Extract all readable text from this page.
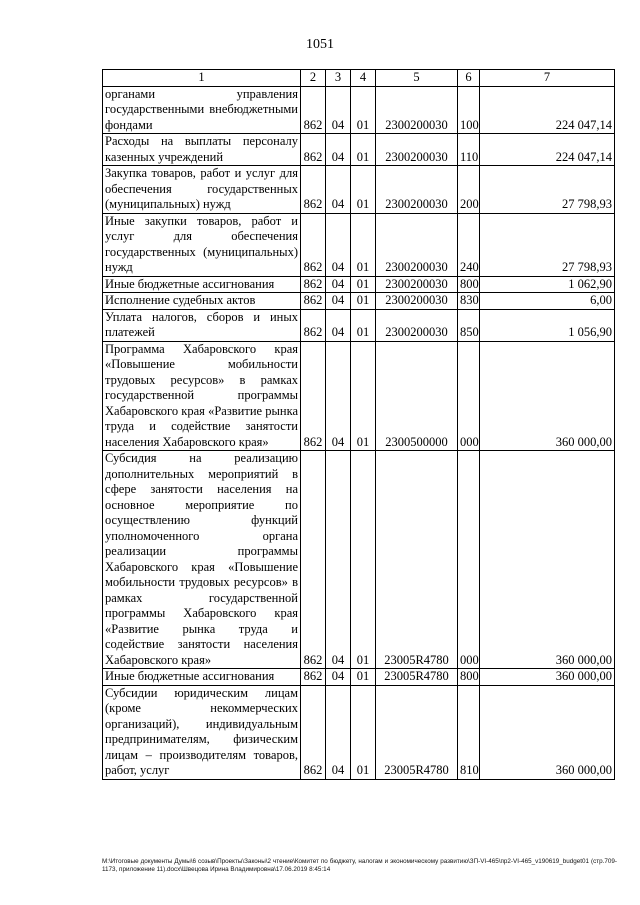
1051
1	2	3	4	5	6	7
органами управления государственными внебюджетными фондами	862	04	01	2300200030	100	224 047,14
Расходы на выплаты персоналу казенных учреждений	862	04	01	2300200030	110	224 047,14
Закупка товаров, работ и услуг для обеспечения государственных (муниципальных) нужд	862	04	01	2300200030	200	27 798,93
Иные закупки товаров, работ и услуг для обеспечения государственных (муниципальных) нужд	862	04	01	2300200030	240	27 798,93
Иные бюджетные ассигнования	862	04	01	2300200030	800	1 062,90
Исполнение судебных актов	862	04	01	2300200030	830	6,00
Уплата налогов, сборов и иных платежей	862	04	01	2300200030	850	1 056,90
Программа Хабаровского края «Повышение мобильности трудовых ресурсов» в рамках государственной программы Хабаровского края «Развитие рынка труда и содействие занятости населения Хабаровского края»	862	04	01	2300500000	000	360 000,00
Субсидия на реализацию дополнительных мероприятий в сфере занятости населения на основное мероприятие по осуществлению функций уполномоченного органа реализации программы Хабаровского края «Повышение мобильности трудовых ресурсов» в рамках государственной программы Хабаровского края «Развитие рынка труда и содействие занятости населения Хабаровского края»	862	04	01	23005R4780	000	360 000,00
Иные бюджетные ассигнования	862	04	01	23005R4780	800	360 000,00
Субсидии юридическим лицам (кроме некоммерческих организаций), индивидуальным предпринимателям, физическим лицам – производителям товаров, работ, услуг	862	04	01	23005R4780	810	360 000,00
M:\Итоговые документы Думы\6 созыв\Проекты\Законы\2 чтение\Комитет по бюджету, налогам и экономическому развитию\ЗП-VI-465\пр2-VI-465_v190619_budget01 (стр.709-1173, приложение 11).docx\Швецова Ирина Владимировна\17.06.2019 8:45:14
